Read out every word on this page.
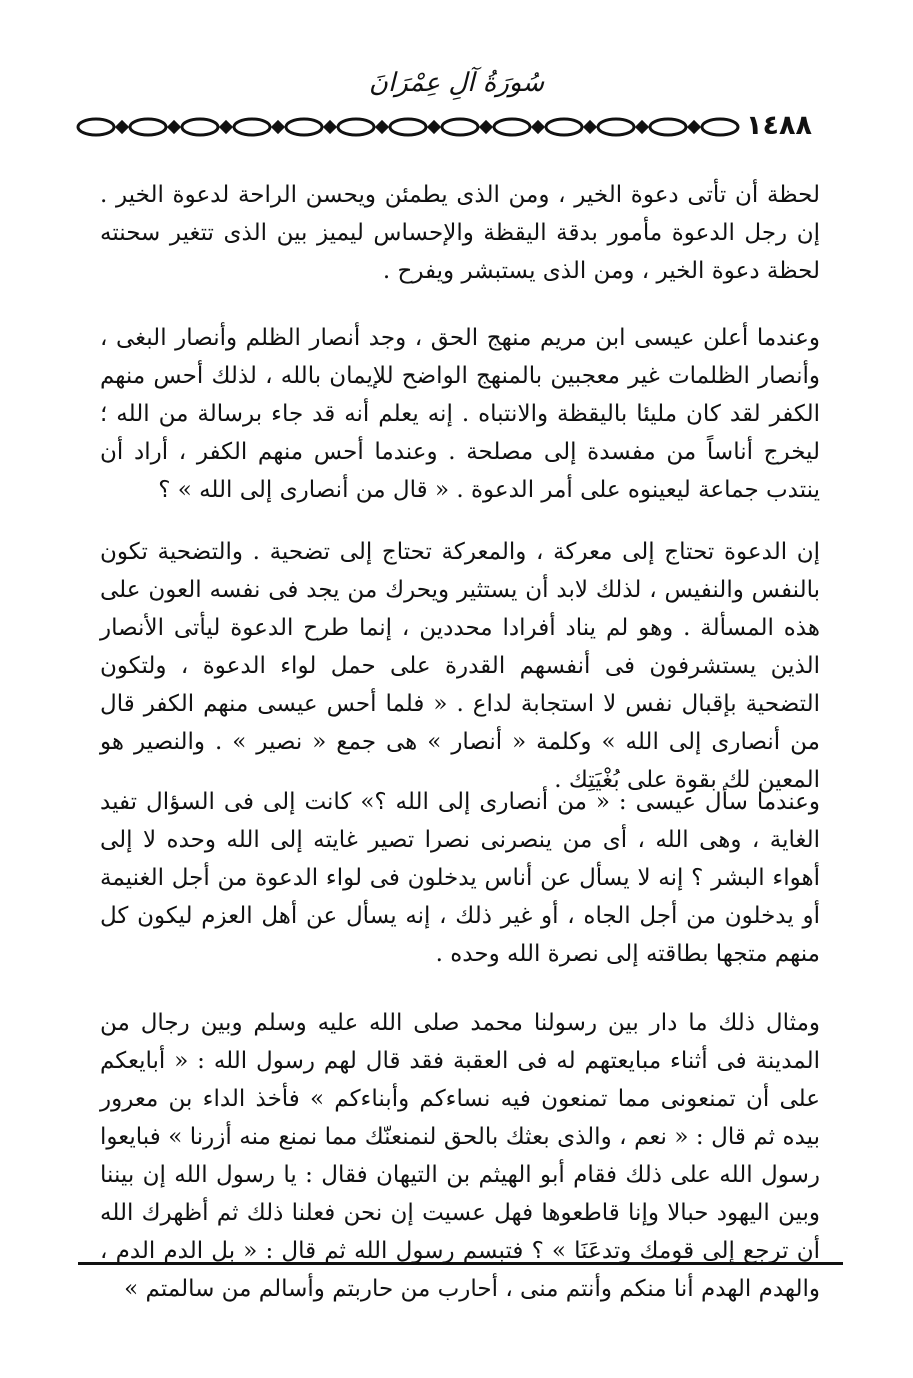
سُورَةُ آلِ عِمْرَانَ
١٤٨٨

لحظة أن تأتى دعوة الخير ، ومن الذى يطمئن ويحسن الراحة لدعوة الخير . إن رجل الدعوة مأمور بدقة اليقظة والإحساس ليميز بين الذى تتغير سحنته لحظة دعوة الخير ، ومن الذى يستبشر ويفرح .

وعندما أعلن عيسى ابن مريم منهج الحق ، وجد أنصار الظلم وأنصار البغى ، وأنصار الظلمات غير معجبين بالمنهج الواضح للإيمان بالله ، لذلك أحس منهم الكفر لقد كان مليئا باليقظة والانتباه . إنه يعلم أنه قد جاء برسالة من الله ؛ ليخرج أناساً من مفسدة إلى مصلحة . وعندما أحس منهم الكفر ، أراد أن ينتدب جماعة ليعينوه على أمر الدعوة . « قال من أنصارى إلى الله » ؟

إن الدعوة تحتاج إلى معركة ، والمعركة تحتاج إلى تضحية . والتضحية تكون بالنفس والنفيس ، لذلك لابد أن يستثير ويحرك من يجد فى نفسه العون على هذه المسألة . وهو لم يناد أفرادا محددين ، إنما طرح الدعوة ليأتى الأنصار الذين يستشرفون فى أنفسهم القدرة على حمل لواء الدعوة ، ولتكون التضحية بإقبال نفس لا استجابة لداع . « فلما أحس عيسى منهم الكفر قال من أنصارى إلى الله » وكلمة « أنصار » هى جمع « نصير » . والنصير هو المعين لك بقوة على بُغْيَتِك .

وعندما سأل عيسى : « من أنصارى إلى الله ؟» كانت إلى فى السؤال تفيد الغاية ، وهى الله ، أى من ينصرنى نصرا تصير غايته إلى الله وحده لا إلى أهواء البشر ؟ إنه لا يسأل عن أناس يدخلون فى لواء الدعوة من أجل الغنيمة أو يدخلون من أجل الجاه ، أو غير ذلك ، إنه يسأل عن أهل العزم ليكون كل منهم متجها بطاقته إلى نصرة الله وحده .

ومثال ذلك ما دار بين رسولنا محمد صلى الله عليه وسلم وبين رجال من المدينة فى أثناء مبايعتهم له فى العقبة فقد قال لهم رسول الله : « أبايعكم على أن تمنعونى مما تمنعون فيه نساءكم وأبناءكم » فأخذ الداء بن معرور بيده ثم قال : « نعم ، والذى بعثك بالحق لنمنعنّك مما نمنع منه أزرنا » فبايعوا رسول الله على ذلك فقام أبو الهيثم بن التيهان فقال : يا رسول الله إن بيننا وبين اليهود حبالا وإنا قاطعوها فهل عسيت إن نحن فعلنا ذلك ثم أظهرك الله أن ترجع إلى قومك وتدعَنَا » ؟ فتبسم رسول الله ثم قال : « بل الدم الدم ، والهدم الهدم أنا منكم وأنتم منى ، أحارب من حاربتم وأسالم من سالمتم »
